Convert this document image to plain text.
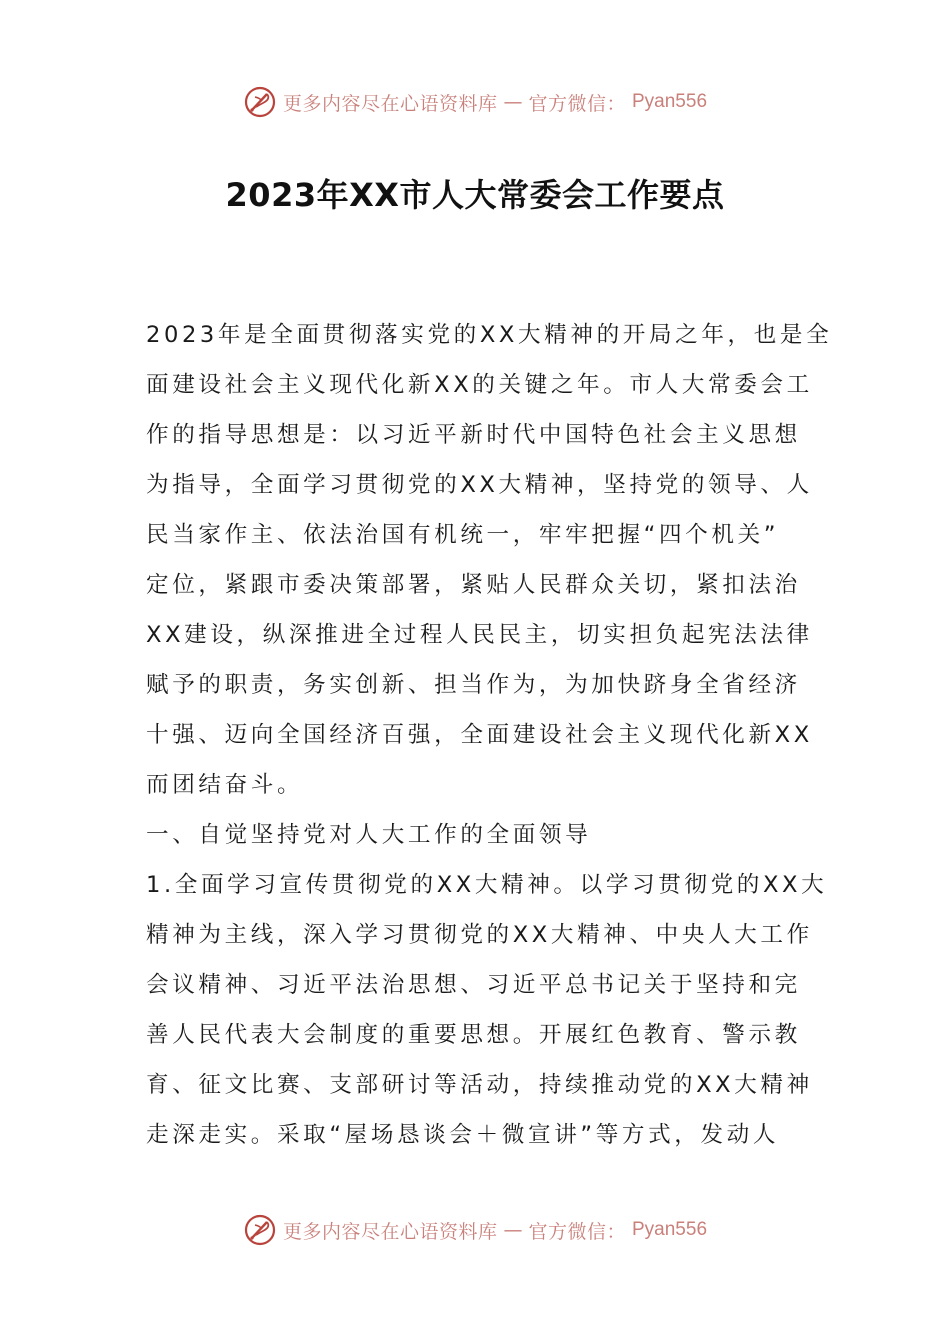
更多内容尽在心语资料库 — 官方微信： Pyan556
2023年XX市人大常委会工作要点
2023年是全面贯彻落实党的XX大精神的开局之年，也是全
面建设社会主义现代化新XX的关键之年。市人大常委会工
作的指导思想是：以习近平新时代中国特色社会主义思想
为指导，全面学习贯彻党的XX大精神，坚持党的领导、人
民当家作主、依法治国有机统一，牢牢把握“四个机关”
定位，紧跟市委决策部署，紧贴人民群众关切，紧扣法治
XX建设，纵深推进全过程人民民主，切实担负起宪法法律
赋予的职责，务实创新、担当作为，为加快跻身全省经济
十强、迈向全国经济百强，全面建设社会主义现代化新XX
而团结奋斗。
一、自觉坚持党对人大工作的全面领导
1.全面学习宣传贯彻党的XX大精神。以学习贯彻党的XX大
精神为主线，深入学习贯彻党的XX大精神、中央人大工作
会议精神、习近平法治思想、习近平总书记关于坚持和完
善人民代表大会制度的重要思想。开展红色教育、警示教
育、征文比赛、支部研讨等活动，持续推动党的XX大精神
走深走实。采取“屋场恳谈会＋微宣讲”等方式，发动人
更多内容尽在心语资料库 — 官方微信： Pyan556
